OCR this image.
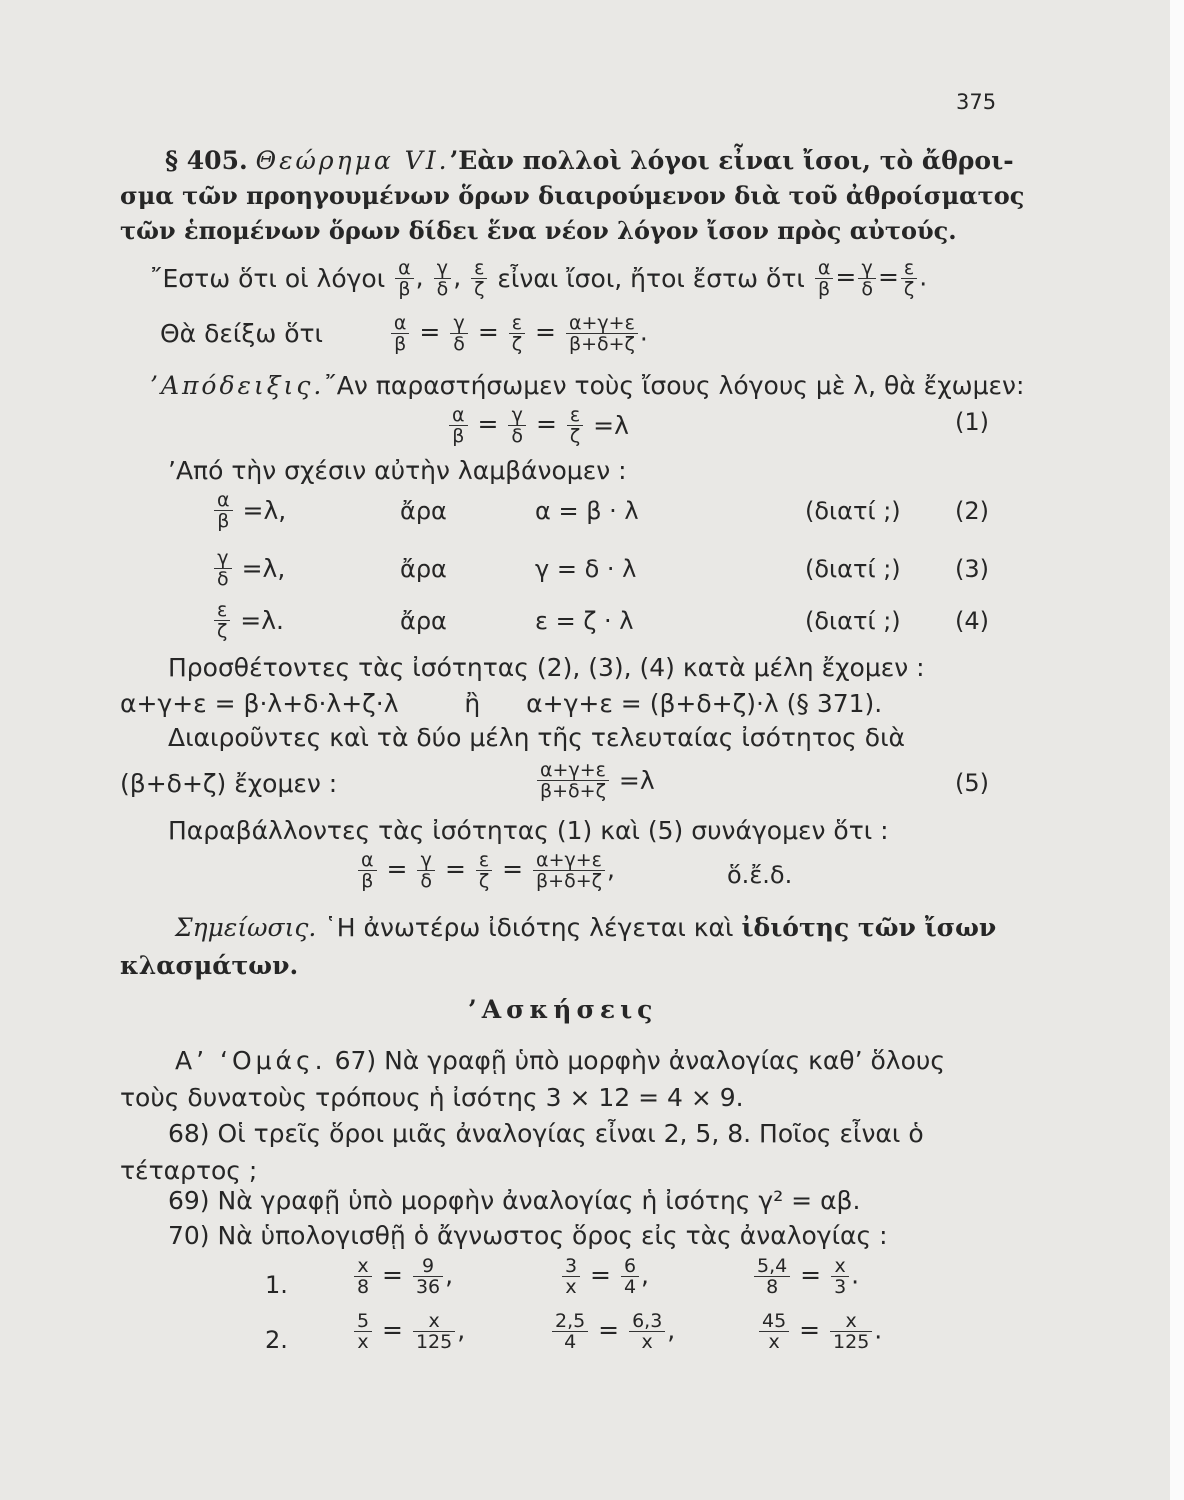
375
§ 405. Θεώρημα VI.’Εὰν πολλοὶ λόγοι εἶναι ἴσοι, τὸ ἄθροι-
σμα τῶν προηγουμένων ὅρων διαιρούμενον διὰ τοῦ ἀθροίσματος
τῶν ἑπομένων ὅρων δίδει ἕνα νέον λόγον ἴσον πρὸς αὐτούς.
῎Εστω ὅτι οἱ λόγοι $\frac{\alpha}{\beta}$ , $\frac{\gamma}{\delta}$ , $\frac{\varepsilon}{\zeta}$ εἶναι ἴσοι, ἤτοι ἔστω ὅτι $\frac{\alpha}{\beta} = \frac{\gamma}{\delta} = \frac{\varepsilon}{\zeta}$ .
Θὰ δείξω ὅτι	$\frac{\alpha}{\beta} = \frac{\gamma}{\delta} = \frac{\varepsilon}{\zeta} = \frac{\alpha+\gamma+\varepsilon}{\beta+\delta+\zeta}$ .
’Απόδειξις.῎Αν παραστήσωμεν τοὺς ἴσους λόγους μὲ λ, θὰ ἔχωμεν:
$\frac{\alpha}{\beta} = \frac{\gamma}{\delta} = \frac{\varepsilon}{\zeta} =\lambda$	(1)
’Από τὴν σχέσιν αὐτὴν λαμβάνομεν :
$\frac{\alpha}{\beta} =\lambda$,	ἄρα	α = β · λ	(διατί ;) (2)
$\frac{\gamma}{\delta} =\lambda$,	ἄρα	γ = δ · λ	(διατί ;) (3)
$\frac{\varepsilon}{\zeta} =\lambda$.	ἄρα	ε = ζ · λ	(διατί ;) (4)
Προσθέτοντες τὰς ἰσότητας (2), (3), (4) κατὰ μέλη ἔχομεν :
α+γ+ε = β·λ+δ·λ+ζ·λ	ἢ α+γ+ε = (β+δ+ζ)·λ (§ 371).
Διαιροῦντες καὶ τὰ δύο μέλη τῆς τελευταίας ἰσότητος διὰ
(β+δ+ζ) ἔχομεν :	$\frac{\alpha+\gamma+\varepsilon}{\beta+\delta+\zeta} =\lambda$	(5)
Παραβάλλοντες τὰς ἰσότητας (1) καὶ (5) συνάγομεν ὅτι :
$\frac{\alpha}{\beta} = \frac{\gamma}{\delta} = \frac{\varepsilon}{\zeta} = \frac{\alpha+\gamma+\varepsilon}{\beta+\delta+\zeta}$ ,	ὅ.ἔ.δ.
Σημείωσις. ῾Η ἀνωτέρω ἰδιότης λέγεται καὶ ἰδιότης τῶν ἴσων
κλασμάτων.
’Ασκήσεις
Α’ ‘Ομάς. 67) Νὰ γραφῇ ὑπὸ μορφὴν ἀναλογίας καθ’ ὅλους
τοὺς δυνατοὺς τρόπους ἡ ἰσότης 3 × 12 = 4 × 9.
68) Οἱ τρεῖς ὅροι μιᾶς ἀναλογίας εἶναι 2, 5, 8. Ποῖος εἶναι ὁ
τέταρτος ;
69) Νὰ γραφῇ ὑπὸ μορφὴν ἀναλογίας ἡ ἰσότης γ² = αβ.
70) Νὰ ὑπολογισθῇ ὁ ἄγνωστος ὅρος εἰς τὰς ἀναλογίας :
1.	$\frac{x}{8} = \frac{9}{36}$ ,	$\frac{3}{x} = \frac{6}{4}$ ,	$\frac{5,4}{8} = \frac{x}{3}$ .
2.	$\frac{5}{x} = \frac{x}{125}$ ,	$\frac{2,5}{4} = \frac{6,3}{x}$ ,	$\frac{45}{x} = \frac{x}{125}$ .
